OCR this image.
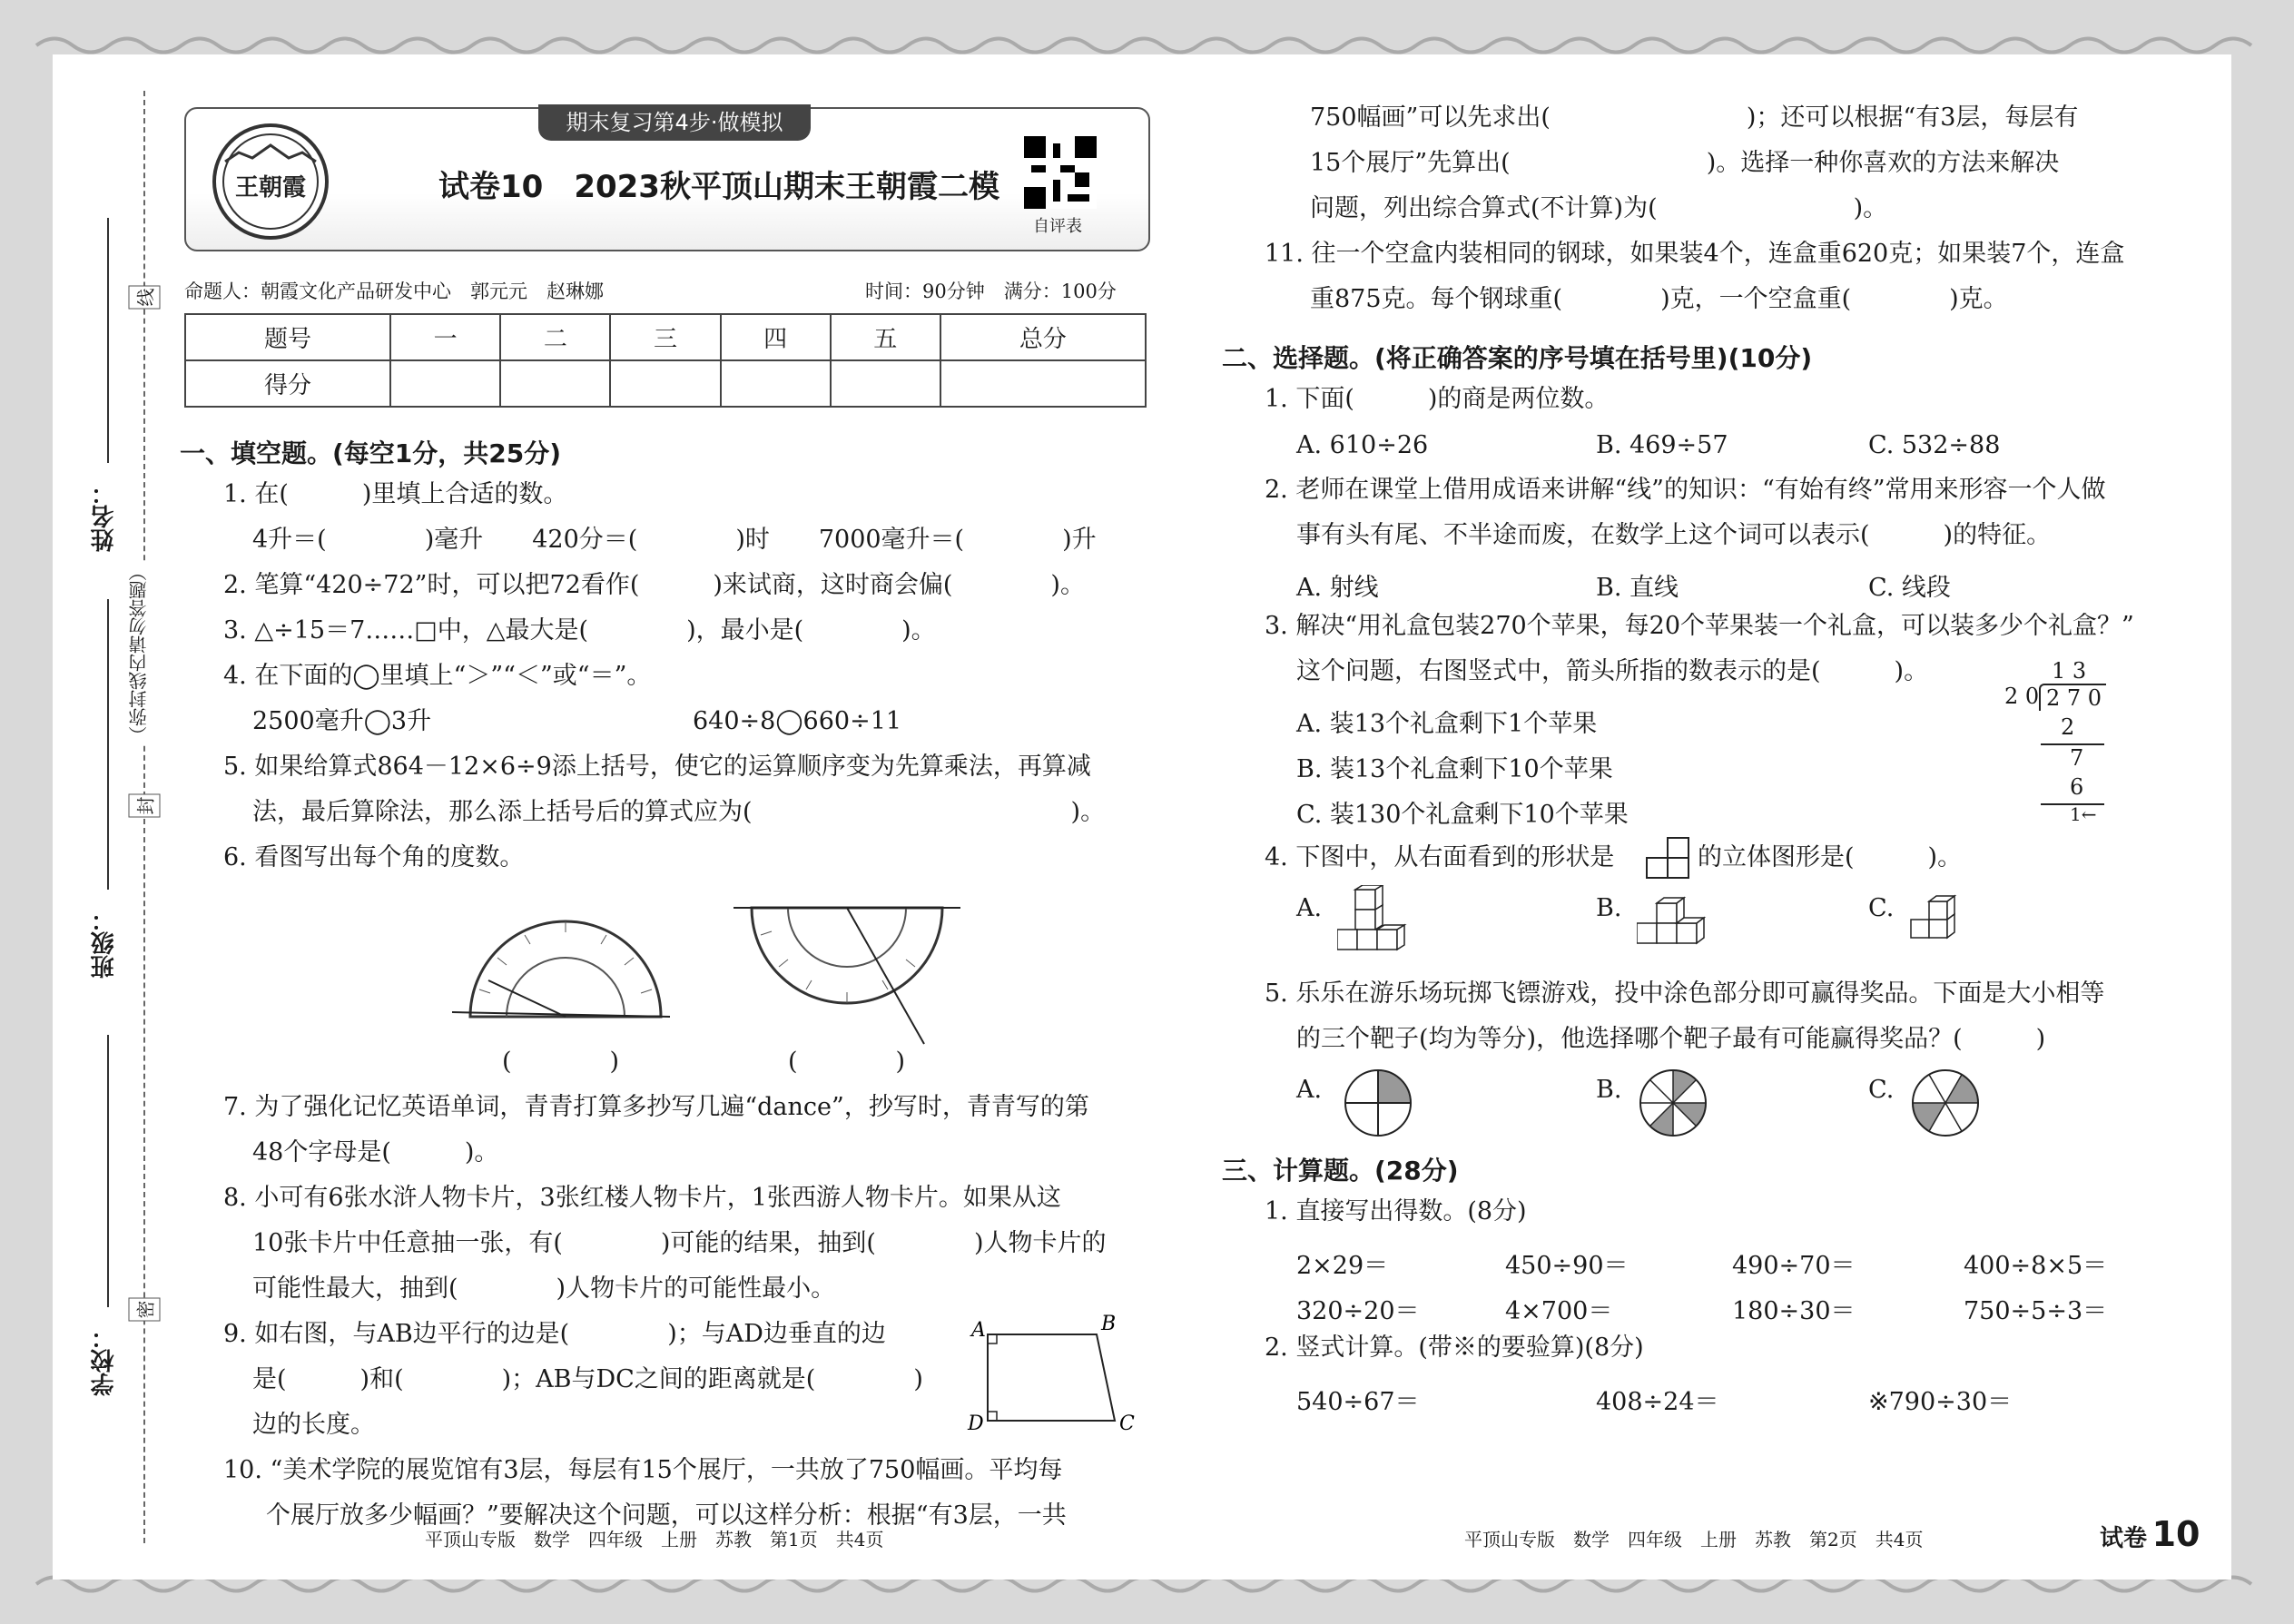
姓名：
班级：
学校：
线
封
密
（弥封线内请勿答题）
期末复习第4步·做模拟
王朝霞	试卷10　2023秋平顶山期末王朝霞二模
自评表
命题人：朝霞文化产品研发中心　郭元元　赵琳娜	时间：90分钟　满分：100分
题号	一	二	三	四	五	总分
得分						
一、填空题。(每空1分，共25分)
1. 在(　　　)里填上合适的数。
4升＝(　　　　)毫升　　420分＝(　　　　)时　　7000毫升＝(　　　　)升
2. 笔算“420÷72”时，可以把72看作(　　　)来试商，这时商会偏(　　　　)。
3. △÷15＝7……□中，△最大是(　　　　)，最小是(　　　　)。
4. 在下面的◯里填上“＞”“＜”或“＝”。
2500毫升◯3升	640÷8◯660÷11
5. 如果给算式864－12×6÷9添上括号，使它的运算顺序变为先算乘法，再算减
法，最后算除法，那么添上括号后的算式应为(　　　　　　　　　　　　　)。
6. 看图写出每个角的度数。
(　　　　)	(　　　　)
7. 为了强化记忆英语单词，青青打算多抄写几遍“dance”，抄写时，青青写的第
48个字母是(　　　)。
8. 小可有6张水浒人物卡片，3张红楼人物卡片，1张西游人物卡片。如果从这
10张卡片中任意抽一张，有(　　　　)可能的结果，抽到(　　　　)人物卡片的
可能性最大，抽到(　　　　)人物卡片的可能性最小。
9. 如右图，与AB边平行的边是(　　　　)；与AD边垂直的边
是(　　　)和(　　　　)；AB与DC之间的距离就是(　　　　)
边的长度。
A	B
C
D
10. “美术学院的展览馆有3层，每层有15个展厅，一共放了750幅画。平均每
个展厅放多少幅画？”要解决这个问题，可以这样分析：根据“有3层，一共
平顶山专版　数学　四年级　上册　苏教　第1页　共4页
750幅画”可以先求出(　　　　　　　　)；还可以根据“有3层，每层有
15个展厅”先算出(　　　　　　　　)。选择一种你喜欢的方法来解决
问题，列出综合算式(不计算)为(　　　　　　　　)。
11. 往一个空盒内装相同的钢球，如果装4个，连盒重620克；如果装7个，连盒
重875克。每个钢球重(　　　　)克，一个空盒重(　　　　)克。
二、选择题。(将正确答案的序号填在括号里)(10分)
1. 下面(　　　)的商是两位数。
A. 610÷26	B. 469÷57	C. 532÷88
2. 老师在课堂上借用成语来讲解“线”的知识：“有始有终”常用来形容一个人做
事有头有尾、不半途而废，在数学上这个词可以表示(　　　)的特征。
A. 射线	B. 直线	C. 线段
3. 解决“用礼盒包装270个苹果，每20个苹果装一个礼盒，可以装多少个礼盒？”
这个问题，右图竖式中，箭头所指的数表示的是(　　　)。
A. 装13个礼盒剩下1个苹果
B. 装13个礼盒剩下10个苹果
C. 装130个礼盒剩下10个苹果
1 3
2 0 2 7 0
2
7
6
1←
4. 下图中，从右面看到的形状是	的立体图形是(　　　)。
A.	B.	C.
5. 乐乐在游乐场玩掷飞镖游戏，投中涂色部分即可赢得奖品。下面是大小相等
的三个靶子(均为等分)，他选择哪个靶子最有可能赢得奖品？(　　　)
A.	B.	C.
三、计算题。(28分)
1. 直接写出得数。(8分)
2×29＝	450÷90＝	490÷70＝	400÷8×5＝
320÷20＝	4×700＝	180÷30＝	750÷5÷3＝
2. 竖式计算。(带※的要验算)(8分)
540÷67＝	408÷24＝	※790÷30＝
平顶山专版　数学　四年级　上册　苏教　第2页　共4页	试卷 10
